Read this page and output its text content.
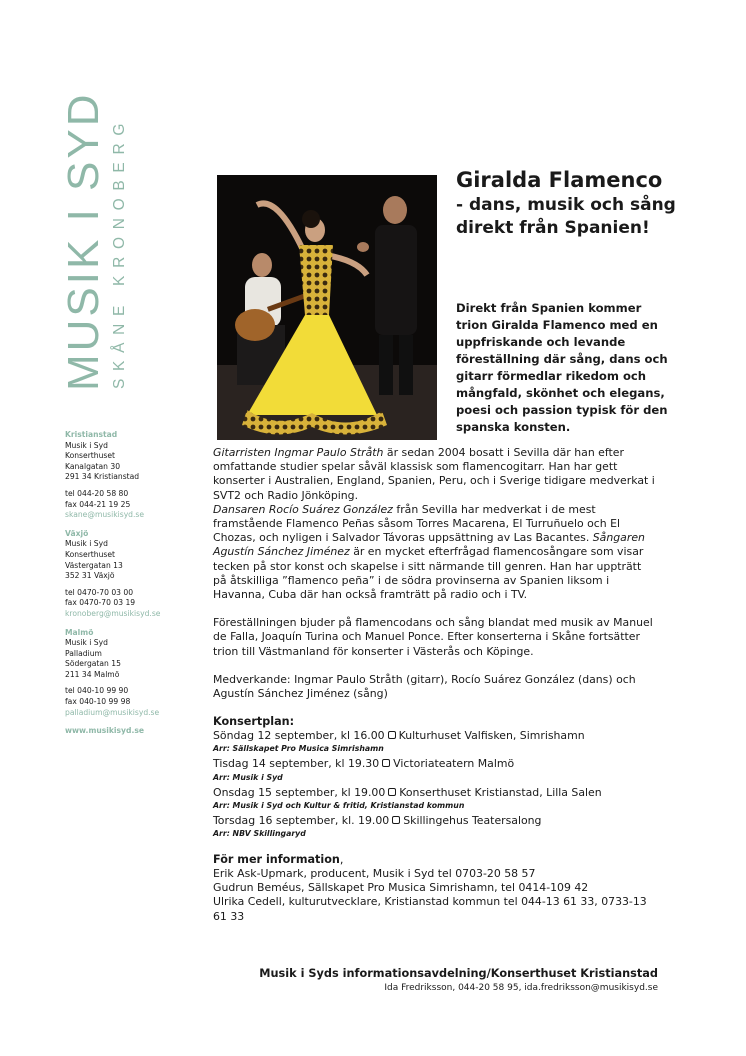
MUSIK I SYD SKÅNE KRONOBERG
Kristianstad
Musik i Syd
Konserthuset
Kanalgatan 30
291 34 Kristianstad
tel 044-20 58 80
fax 044-21 19 25
skane@musikisyd.se
Växjö
Musik i Syd
Konserthuset
Västergatan 13
352 31 Växjö
tel 0470-70 03 00
fax 0470-70 03 19
kronoberg@musikisyd.se
Malmö
Musik i Syd
Palladium
Södergatan 15
211 34 Malmö
tel 040-10 99 90
fax 040-10 99 98
palladium@musikisyd.se
www.musikisyd.se
Giralda Flamenco
- dans, musik och sång direkt från Spanien!
Direkt från Spanien kommer trion Giralda Flamenco med en uppfriskande och levande föreställning där sång, dans och gitarr förmedlar rikedom och mångfald, skönhet och elegans, poesi och passion typisk för den spanska konsten.

Gitarristen Ingmar Paulo Stråth är sedan 2004 bosatt i Sevilla där han efter omfattande studier spelar såväl klassisk som flamencogitarr. Han har gett konserter i Australien, England, Spanien, Peru, och i Sverige tidigare medverkat i SVT2 och Radio Jönköping.
Dansaren Rocío Suárez González från Sevilla har medverkat i de mest framstående Flamenco Peñas såsom Torres Macarena, El Turruñuelo och El Chozas, och nyligen i Salvador Távoras uppsättning av Las Bacantes. Sångaren Agustín Sánchez Jiménez är en mycket efterfrågad flamencosångare som visar tecken på stor konst och skapelse i sitt närmande till genren. Han har uppträtt på åtskilliga ”flamenco peña” i de södra provinserna av Spanien liksom i Havanna, Cuba där han också framträtt på radio och i TV.

Föreställningen bjuder på flamencodans och sång blandat med musik av Manuel de Falla, Joaquín Turina och Manuel Ponce. Efter konserterna i Skåne fortsätter trion till Västmanland för konserter i Västerås och Köpinge.

Medverkande: Ingmar Paulo Stråth (gitarr), Rocío Suárez González (dans) och Agustín Sánchez Jiménez (sång)

Konsertplan:
Söndag 12 september, kl 16.00 Kulturhuset Valfisken, Simrishamn
Arr: Sällskapet Pro Musica Simrishamn
Tisdag 14 september, kl 19.30 Victoriateatern Malmö
Arr: Musik i Syd
Onsdag 15 september, kl 19.00 Konserthuset Kristianstad, Lilla Salen
Arr: Musik i Syd och Kultur & fritid, Kristianstad kommun
Torsdag 16 september, kl. 19.00 Skillingehus Teatersalong
Arr: NBV Skillingaryd
För mer information,
Erik Ask-Upmark, producent, Musik i Syd tel 0703-20 58 57
Gudrun Beméus, Sällskapet Pro Musica Simrishamn, tel 0414-109 42
Ulrika Cedell, kulturutvecklare, Kristianstad kommun tel 044-13 61 33, 0733-13 61 33
Musik i Syds informationsavdelning/Konserthuset Kristianstad
Ida Fredriksson, 044-20 58 95, ida.fredriksson@musikisyd.se
